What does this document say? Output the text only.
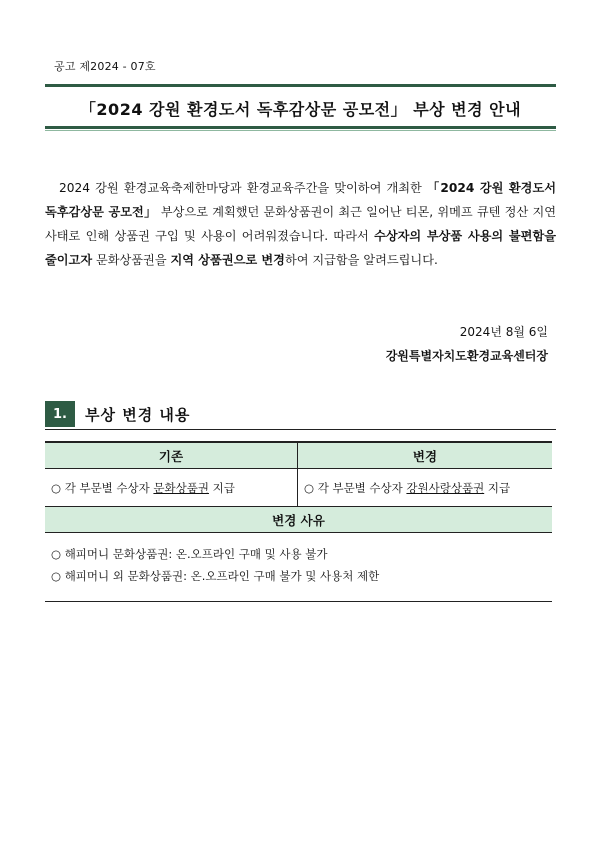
공고 제2024 - 07호
「2024 강원 환경도서 독후감상문 공모전」 부상 변경 안내
2024 강원 환경교육축제한마당과 환경교육주간을 맞이하여 개최한 「2024 강원 환경도서 독후감상문 공모전」 부상으로 계획했던 문화상품권이 최근 일어난 티몬, 위메프 큐텐 정산 지연 사태로 인해 상품권 구입 및 사용이 어려워졌습니다. 따라서 수상자의 부상품 사용의 불편함을 줄이고자 문화상품권을 지역 상품권으로 변경하여 지급함을 알려드립니다.
2024년 8월 6일
강원특별자치도환경교육센터장
1.	부상 변경 내용
기존	변경
○ 각 부문별 수상자 문화상품권 지급	○ 각 부문별 수상자 강원사랑상품권 지급
변경 사유
○ 해피머니 문화상품권: 온.오프라인 구매 및 사용 불가
○ 해피머니 외 문화상품권: 온.오프라인 구매 불가 및 사용처 제한
